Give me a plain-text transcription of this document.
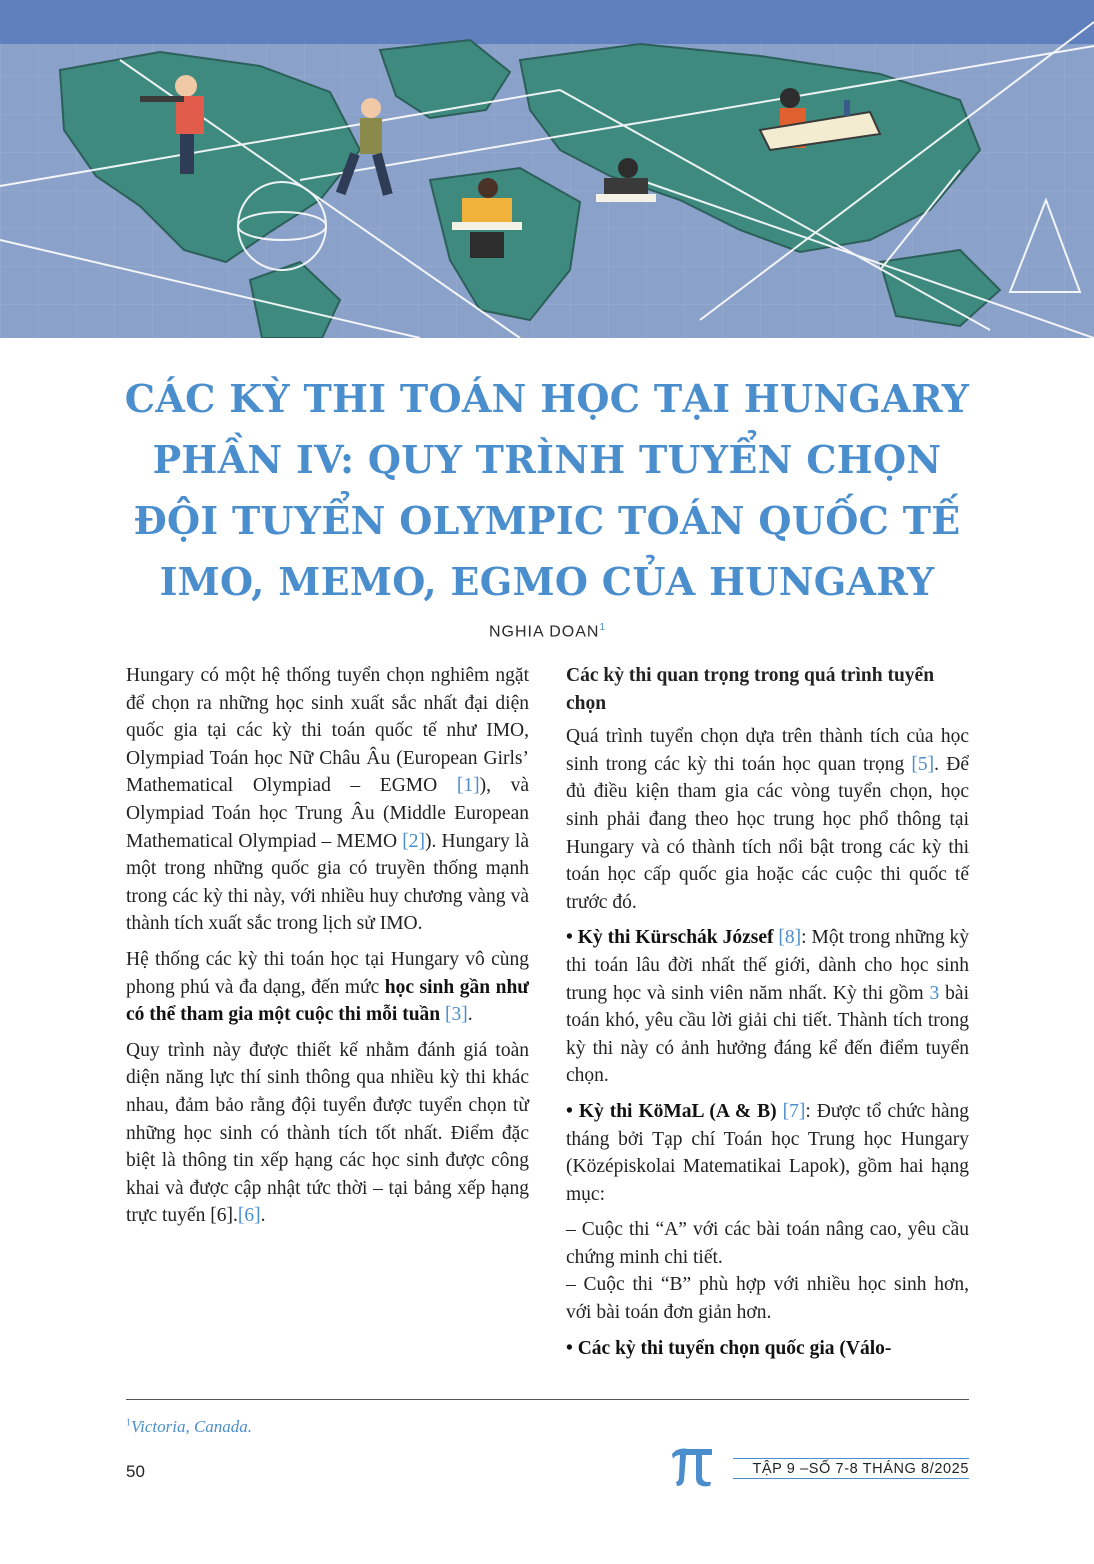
CÁC KỲ THI TOÁN HỌC TẠI HUNGARY
PHẦN IV: QUY TRÌNH TUYỂN CHỌN
ĐỘI TUYỂN OLYMPIC TOÁN QUỐC TẾ
IMO, MEMO, EGMO CỦA HUNGARY
NGHIA DOAN$^1$

Hungary có một hệ thống tuyển chọn nghiêm ngặt để chọn ra những học sinh xuất sắc nhất đại diện quốc gia tại các kỳ thi toán quốc tế như IMO, Olympiad Toán học Nữ Châu Âu (European Girls’ Mathematical Olympiad – EGMO [1]), và Olympiad Toán học Trung Âu (Middle European Mathematical Olympiad – MEMO [2]). Hungary là một trong những quốc gia có truyền thống mạnh trong các kỳ thi này, với nhiều huy chương vàng và thành tích xuất sắc trong lịch sử IMO.

Hệ thống các kỳ thi toán học tại Hungary vô cùng phong phú và đa dạng, đến mức học sinh gần như có thể tham gia một cuộc thi mỗi tuần [3].

Quy trình này được thiết kế nhằm đánh giá toàn diện năng lực thí sinh thông qua nhiều kỳ thi khác nhau, đảm bảo rằng đội tuyển được tuyển chọn từ những học sinh có thành tích tốt nhất. Điểm đặc biệt là thông tin xếp hạng các học sinh được công khai và được cập nhật tức thời – tại bảng xếp hạng trực tuyến [6].[6].

Các kỳ thi quan trọng trong quá trình tuyển chọn

Quá trình tuyển chọn dựa trên thành tích của học sinh trong các kỳ thi toán học quan trọng [5]. Để đủ điều kiện tham gia các vòng tuyển chọn, học sinh phải đang theo học trung học phổ thông tại Hungary và có thành tích nổi bật trong các kỳ thi toán học cấp quốc gia hoặc các cuộc thi quốc tế trước đó.

• Kỳ thi Kürschák József [8]: Một trong những kỳ thi toán lâu đời nhất thế giới, dành cho học sinh trung học và sinh viên năm nhất. Kỳ thi gồm 3 bài toán khó, yêu cầu lời giải chi tiết. Thành tích trong kỳ thi này có ảnh hưởng đáng kể đến điểm tuyển chọn.

• Kỳ thi KöMaL (A & B) [7]: Được tổ chức hàng tháng bởi Tạp chí Toán học Trung học Hungary (Középiskolai Matematikai Lapok), gồm hai hạng mục:

– Cuộc thi “A” với các bài toán nâng cao, yêu cầu chứng minh chi tiết.

– Cuộc thi “B” phù hợp với nhiều học sinh hơn, với bài toán đơn giản hơn.

• Các kỳ thi tuyển chọn quốc gia (Válo-

$^1$Victoria, Canada.
50	TẬP 9 –SỐ 7-8 THÁNG 8/2025
